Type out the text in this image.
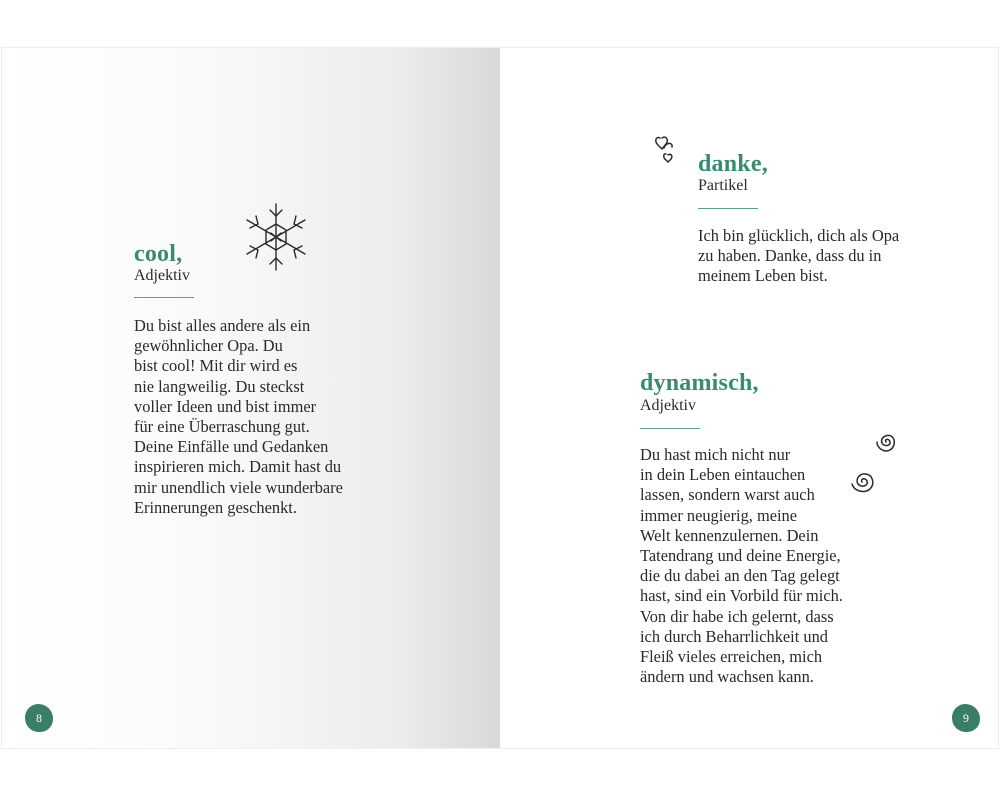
cool,
Adjektiv
Du bist alles andere als ein
gewöhnlicher Opa. Du
bist cool! Mit dir wird es
nie langweilig. Du steckst
voller Ideen und bist immer
für eine Überraschung gut.
Deine Einfälle und Gedanken
inspirieren mich. Damit hast du
mir unendlich viele wunderbare
Erinnerungen geschenkt.
8
danke,
Partikel
Ich bin glücklich, dich als Opa
zu haben. Danke, dass du in
meinem Leben bist.
dynamisch,
Adjektiv
Du hast mich nicht nur
in dein Leben eintauchen
lassen, sondern warst auch
immer neugierig, meine
Welt kennenzulernen. Dein
Tatendrang und deine Energie,
die du dabei an den Tag gelegt
hast, sind ein Vorbild für mich.
Von dir habe ich gelernt, dass
ich durch Beharrlichkeit und
Fleiß vieles erreichen, mich
ändern und wachsen kann.
9
